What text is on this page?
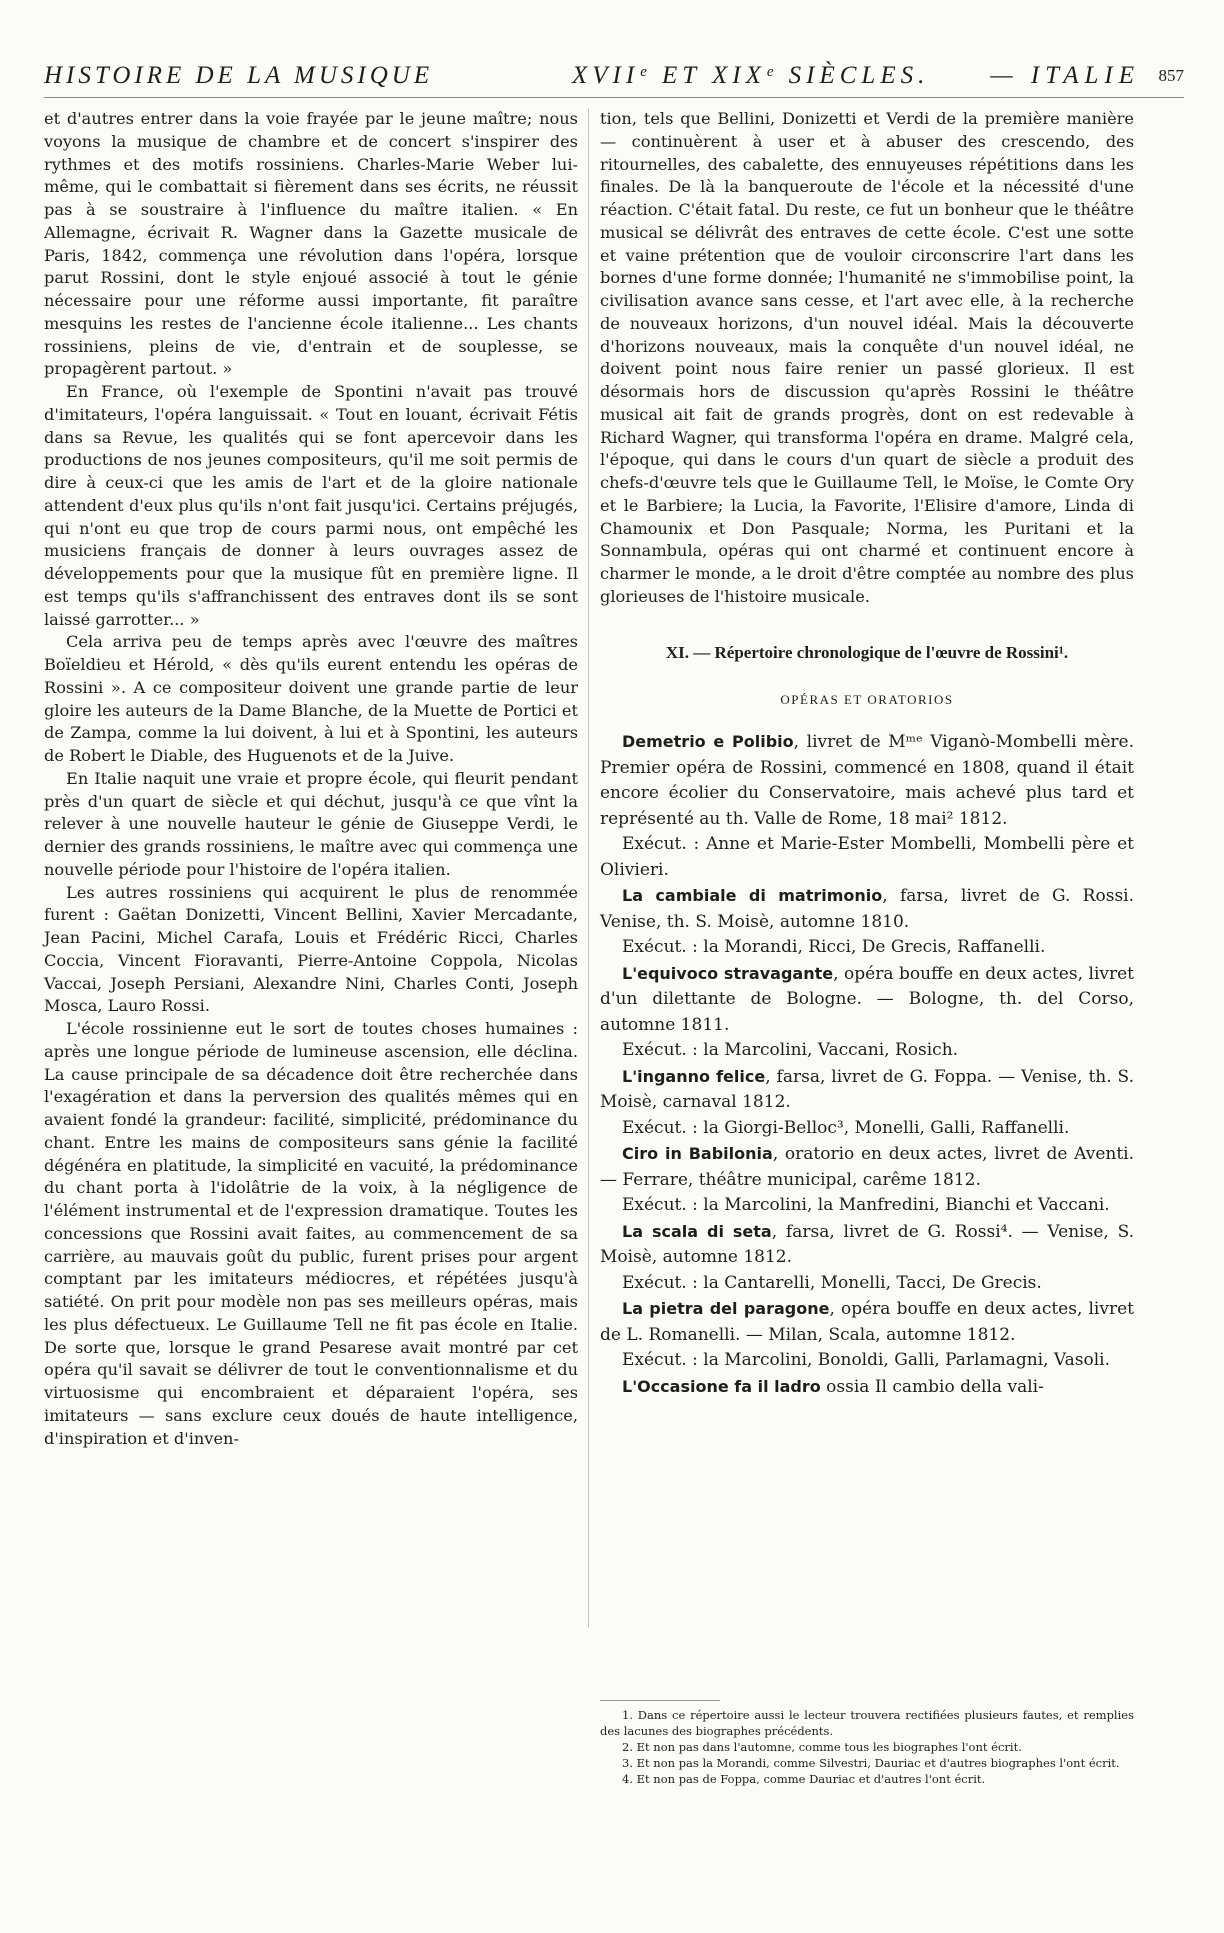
HISTOIRE DE LA MUSIQUE	XVIIᵉ ET XIXᵉ SIÈCLES. — ITALIE 857

et d'autres entrer dans la voie frayée par le jeune maître; nous voyons la musique de chambre et de concert s'inspirer des rythmes et des motifs rossiniens. Charles-Marie Weber lui-même, qui le combattait si fièrement dans ses écrits, ne réussit pas à se soustraire à l'influence du maître italien. « En Allemagne, écrivait R. Wagner dans la Gazette musicale de Paris, 1842, commença une révolution dans l'opéra, lorsque parut Rossini, dont le style enjoué associé à tout le génie nécessaire pour une réforme aussi importante, fit paraître mesquins les restes de l'ancienne école italienne... Les chants rossiniens, pleins de vie, d'entrain et de souplesse, se propagèrent partout. »

En France, où l'exemple de Spontini n'avait pas trouvé d'imitateurs, l'opéra languissait. « Tout en louant, écrivait Fétis dans sa Revue, les qualités qui se font apercevoir dans les productions de nos jeunes compositeurs, qu'il me soit permis de dire à ceux-ci que les amis de l'art et de la gloire nationale attendent d'eux plus qu'ils n'ont fait jusqu'ici. Certains préjugés, qui n'ont eu que trop de cours parmi nous, ont empêché les musiciens français de donner à leurs ouvrages assez de développements pour que la musique fût en première ligne. Il est temps qu'ils s'affranchissent des entraves dont ils se sont laissé garrotter... »

Cela arriva peu de temps après avec l'œuvre des maîtres Boïeldieu et Hérold, « dès qu'ils eurent entendu les opéras de Rossini ». A ce compositeur doivent une grande partie de leur gloire les auteurs de la Dame Blanche, de la Muette de Portici et de Zampa, comme la lui doivent, à lui et à Spontini, les auteurs de Robert le Diable, des Huguenots et de la Juive.

En Italie naquit une vraie et propre école, qui fleurit pendant près d'un quart de siècle et qui déchut, jusqu'à ce que vînt la relever à une nouvelle hauteur le génie de Giuseppe Verdi, le dernier des grands rossiniens, le maître avec qui commença une nouvelle période pour l'histoire de l'opéra italien.

Les autres rossiniens qui acquirent le plus de renommée furent : Gaëtan Donizetti, Vincent Bellini, Xavier Mercadante, Jean Pacini, Michel Carafa, Louis et Frédéric Ricci, Charles Coccia, Vincent Fioravanti, Pierre-Antoine Coppola, Nicolas Vaccai, Joseph Persiani, Alexandre Nini, Charles Conti, Joseph Mosca, Lauro Rossi.

L'école rossinienne eut le sort de toutes choses humaines : après une longue période de lumineuse ascension, elle déclina. La cause principale de sa décadence doit être recherchée dans l'exagération et dans la perversion des qualités mêmes qui en avaient fondé la grandeur: facilité, simplicité, prédominance du chant. Entre les mains de compositeurs sans génie la facilité dégénéra en platitude, la simplicité en vacuité, la prédominance du chant porta à l'idolâtrie de la voix, à la négligence de l'élément instrumental et de l'expression dramatique. Toutes les concessions que Rossini avait faites, au commencement de sa carrière, au mauvais goût du public, furent prises pour argent comptant par les imitateurs médiocres, et répétées jusqu'à satiété. On prit pour modèle non pas ses meilleurs opéras, mais les plus défectueux. Le Guillaume Tell ne fit pas école en Italie. De sorte que, lorsque le grand Pesarese avait montré par cet opéra qu'il savait se délivrer de tout le conventionnalisme et du virtuosisme qui encombraient et déparaient l'opéra, ses imitateurs — sans exclure ceux doués de haute intelligence, d'inspiration et d'inven-

tion, tels que Bellini, Donizetti et Verdi de la première manière — continuèrent à user et à abuser des crescendo, des ritournelles, des cabalette, des ennuyeuses répétitions dans les finales. De là la banqueroute de l'école et la nécessité d'une réaction. C'était fatal. Du reste, ce fut un bonheur que le théâtre musical se délivrât des entraves de cette école. C'est une sotte et vaine prétention que de vouloir circonscrire l'art dans les bornes d'une forme donnée; l'humanité ne s'immobilise point, la civilisation avance sans cesse, et l'art avec elle, à la recherche de nouveaux horizons, d'un nouvel idéal. Mais la découverte d'horizons nouveaux, mais la conquête d'un nouvel idéal, ne doivent point nous faire renier un passé glorieux. Il est désormais hors de discussion qu'après Rossini le théâtre musical ait fait de grands progrès, dont on est redevable à Richard Wagner, qui transforma l'opéra en drame. Malgré cela, l'époque, qui dans le cours d'un quart de siècle a produit des chefs-d'œuvre tels que le Guillaume Tell, le Moïse, le Comte Ory et le Barbiere; la Lucia, la Favorite, l'Elisire d'amore, Linda di Chamounix et Don Pasquale; Norma, les Puritani et la Sonnambula, opéras qui ont charmé et continuent encore à charmer le monde, a le droit d'être comptée au nombre des plus glorieuses de l'histoire musicale.

XI. — Répertoire chronologique de l'œuvre de Rossini¹.
OPÉRAS ET ORATORIOS

Demetrio e Polibio, livret de Mᵐᵉ Viganò-Mombelli mère. Premier opéra de Rossini, commencé en 1808, quand il était encore écolier du Conservatoire, mais achevé plus tard et représenté au th. Valle de Rome, 18 mai² 1812.

Exécut. : Anne et Marie-Ester Mombelli, Mombelli père et Olivieri.

La cambiale di matrimonio, farsa, livret de G. Rossi. Venise, th. S. Moisè, automne 1810.

Exécut. : la Morandi, Ricci, De Grecis, Raffanelli.

L'equivoco stravagante, opéra bouffe en deux actes, livret d'un dilettante de Bologne. — Bologne, th. del Corso, automne 1811.

Exécut. : la Marcolini, Vaccani, Rosich.

L'inganno felice, farsa, livret de G. Foppa. — Venise, th. S. Moisè, carnaval 1812.

Exécut. : la Giorgi-Belloc³, Monelli, Galli, Raffanelli.

Ciro in Babilonia, oratorio en deux actes, livret de Aventi. — Ferrare, théâtre municipal, carême 1812.

Exécut. : la Marcolini, la Manfredini, Bianchi et Vaccani.

La scala di seta, farsa, livret de G. Rossi⁴. — Venise, S. Moisè, automne 1812.

Exécut. : la Cantarelli, Monelli, Tacci, De Grecis.

La pietra del paragone, opéra bouffe en deux actes, livret de L. Romanelli. — Milan, Scala, automne 1812.

Exécut. : la Marcolini, Bonoldi, Galli, Parlamagni, Vasoli.

L'Occasione fa il ladro ossia Il cambio della vali-

1. Dans ce répertoire aussi le lecteur trouvera rectifiées plusieurs fautes, et remplies des lacunes des biographes précédents.

2. Et non pas dans l'automne, comme tous les biographes l'ont écrit.

3. Et non pas la Morandi, comme Silvestri, Dauriac et d'autres biographes l'ont écrit.

4. Et non pas de Foppa, comme Dauriac et d'autres l'ont écrit.
